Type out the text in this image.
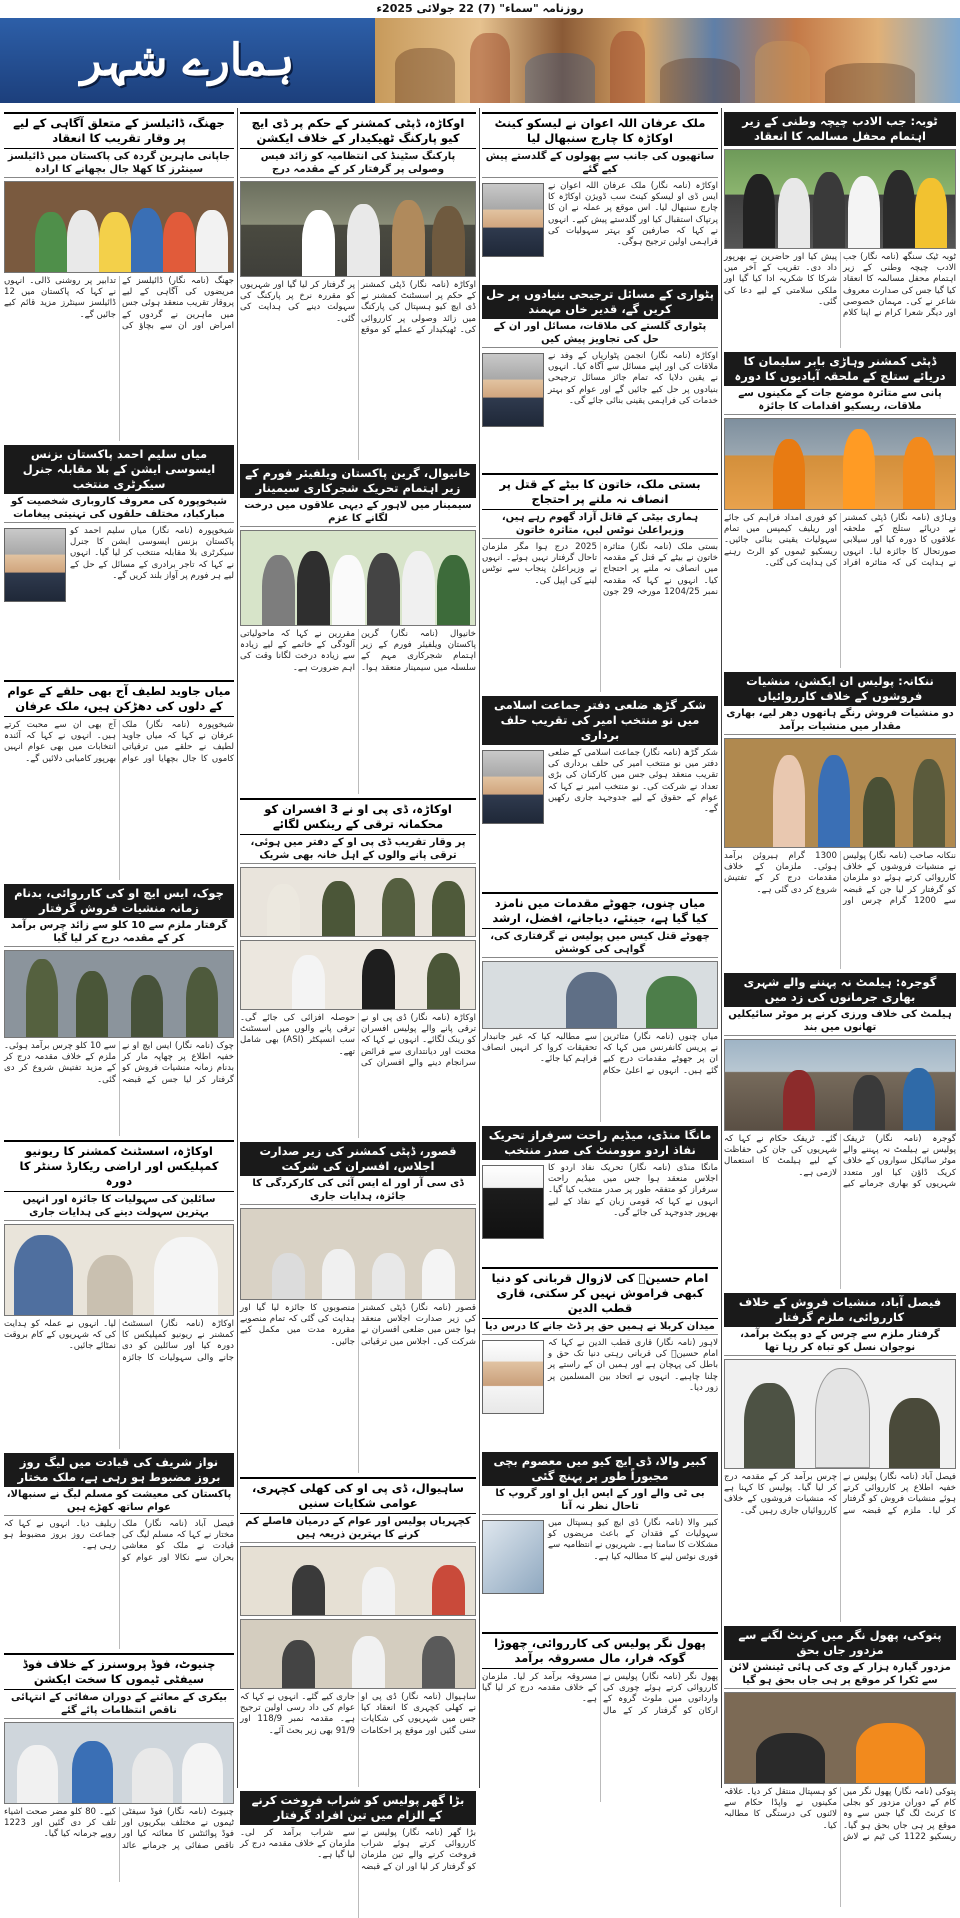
روزنامہ "سماء" (7) 22 جولائی 2025ء
ہمارے شہر
ٹوبہ: جب الادب چیچہ وطنی کے زیر اہتمام محفل مسالمہ کا انعقاد
ٹوبہ ٹیک سنگھ (نامہ نگار) جب الادب چیچہ وطنی کے زیر اہتمام محفل مسالمہ کا انعقاد کیا گیا جس کی صدارت معروف شاعر نے کی۔ مہمان خصوصی اور دیگر شعرا کرام نے اپنا کلام پیش کیا اور حاضرین نے بھرپور داد دی۔ تقریب کے آخر میں شرکا کا شکریہ ادا کیا گیا اور ملکی سلامتی کے لیے دعا کی گئی۔
ڈپٹی کمشنر وہاڑی بابر سلیمان کا دریائے ستلج کے ملحقہ آبادیوں کا دورہ
پانی سے متاثرہ موضع جات کے مکینوں سے ملاقات، ریسکیو اقدامات کا جائزہ
وہاڑی (نامہ نگار) ڈپٹی کمشنر نے دریائے ستلج کے ملحقہ علاقوں کا دورہ کیا اور سیلابی صورتحال کا جائزہ لیا۔ انہوں نے ہدایت کی کہ متاثرہ افراد کو فوری امداد فراہم کی جائے اور ریلیف کیمپس میں تمام سہولیات یقینی بنائی جائیں۔ ریسکیو ٹیموں کو الرٹ رہنے کی ہدایت کی گئی۔
ننکانہ: پولیس ان ایکشن، منشیات فروشوں کے خلاف کارروائیاں
دو منشیات فروش رنگے ہاتھوں دھر لیے، بھاری مقدار میں منشیات برآمد
ننکانہ صاحب (نامہ نگار) پولیس نے منشیات فروشوں کے خلاف کارروائی کرتے ہوئے دو ملزمان کو گرفتار کر لیا جن کے قبضہ سے 1200 گرام چرس اور 1300 گرام ہیروئن برآمد ہوئی۔ ملزمان کے خلاف مقدمات درج کر کے تفتیش شروع کر دی گئی ہے۔
گوجرہ: ہیلمٹ نہ پہننے والے شہری بھاری جرمانوں کی زد میں
ہیلمٹ کی خلاف ورزی کرنے پر موٹر سائیکلیں تھانوں میں بند
گوجرہ (نامہ نگار) ٹریفک پولیس نے ہیلمٹ نہ پہننے والے موٹر سائیکل سواروں کے خلاف کریک ڈاؤن کیا اور متعدد شہریوں کو بھاری جرمانے کیے گئے۔ ٹریفک حکام نے کہا کہ شہریوں کی جان کی حفاظت کے لیے ہیلمٹ کا استعمال لازمی ہے۔
فیصل آباد، منشیات فروش کے خلاف کارروائی، ملزم گرفتار
گرفتار ملزم سے چرس کے دو پیکٹ برآمد، نوجوان نسل کو تباہ کر رہا تھا
فیصل آباد (نامہ نگار) پولیس نے خفیہ اطلاع پر کارروائی کرتے ہوئے منشیات فروش کو گرفتار کر لیا۔ ملزم کے قبضہ سے چرس برآمد کر کے مقدمہ درج کر لیا گیا۔ پولیس کا کہنا ہے کہ منشیات فروشوں کے خلاف کارروائیاں جاری رہیں گی۔
پتوکی، پھول نگر میں کرنٹ لگنے سے مزدور جاں بحق
مزدور گیارہ ہزار کے وی کی ہائی ٹینشن لائن سے ٹکرا کر موقع پر ہی جاں بحق ہو گیا
پتوکی (نامہ نگار) پھول نگر میں کام کے دوران مزدور کو بجلی کا کرنٹ لگ گیا جس سے وہ موقع پر ہی جاں بحق ہو گیا۔ ریسکیو 1122 کی ٹیم نے لاش کو ہسپتال منتقل کر دیا۔ علاقہ مکینوں نے واپڈا حکام سے لائنوں کی درستگی کا مطالبہ کیا۔
ملک عرفان اللہ اعوان نے لیسکو کینٹ اوکاڑہ کا چارج سنبھال لیا
ساتھیوں کی جانب سے پھولوں کے گلدستے پیش کیے گئے
اوکاڑہ (نامہ نگار) ملک عرفان اللہ اعوان نے ایس ڈی او لیسکو کینٹ سب ڈویژن اوکاڑہ کا چارج سنبھال لیا۔ اس موقع پر عملہ نے ان کا پرتپاک استقبال کیا اور گلدستے پیش کیے۔ انہوں نے کہا کہ صارفین کو بہتر سہولیات کی فراہمی اولین ترجیح ہوگی۔
پٹواری کے مسائل ترجیحی بنیادوں پر حل کریں گے، قدیر خاں مہمند
پٹواری گلستے کی ملاقات، مسائل اور ان کے حل کی تجاویز پیش کیں
اوکاڑہ (نامہ نگار) انجمن پٹواریاں کے وفد نے ملاقات کی اور اپنے مسائل سے آگاہ کیا۔ انہوں نے یقین دلایا کہ تمام جائز مسائل ترجیحی بنیادوں پر حل کیے جائیں گے اور عوام کو بہتر خدمات کی فراہمی یقینی بنائی جائے گی۔
بستی ملک، خاتون کا بیٹے کے قتل پر انصاف نہ ملنے پر احتجاج
ہماری بیٹی کے قاتل آزاد گھوم رہے ہیں، وزیراعلیٰ نوٹس لیں، متاثرہ خاتون
بستی ملک (نامہ نگار) متاثرہ خاتون نے بیٹے کے قتل کے مقدمہ میں انصاف نہ ملنے پر احتجاج کیا۔ انہوں نے کہا کہ مقدمہ نمبر 1204/25 مورخہ 29 جون 2025 درج ہوا مگر ملزمان تاحال گرفتار نہیں ہوئے۔ انہوں نے وزیراعلیٰ پنجاب سے نوٹس لینے کی اپیل کی۔
شکر گڑھ ضلعی دفتر جماعت اسلامی میں نو منتخب امیر کی تقریب حلف برداری
شکر گڑھ (نامہ نگار) جماعت اسلامی کے ضلعی دفتر میں نو منتخب امیر کی حلف برداری کی تقریب منعقد ہوئی جس میں کارکنان کی بڑی تعداد نے شرکت کی۔ نو منتخب امیر نے کہا کہ عوام کے حقوق کے لیے جدوجہد جاری رکھیں گے۔
میاں چنوں، جھوٹے مقدمات میں نامزد کیا گیا ہے، جینئے، دیاجانے، افضل، ارشد
چھوٹے قتل کیس میں پولیس نے گرفتاری کی، گواہی کی کوشش
میاں چنوں (نامہ نگار) متاثرین نے پریس کانفرنس میں کہا کہ ان پر جھوٹے مقدمات درج کیے گئے ہیں۔ انہوں نے اعلیٰ حکام سے مطالبہ کیا کہ غیر جانبدار تحقیقات کروا کر انہیں انصاف فراہم کیا جائے۔
مانگا منڈی، میڈیم راحت سرفراز تحریک نفاذ اردو موومنٹ کی صدر منتخب
مانگا منڈی (نامہ نگار) تحریک نفاذ اردو کا اجلاس منعقد ہوا جس میں میڈیم راحت سرفراز کو متفقہ طور پر صدر منتخب کیا گیا۔ انہوں نے کہا کہ قومی زبان کے نفاذ کے لیے بھرپور جدوجہد کی جائے گی۔
امام حسینؓ کی لازوال قربانی کو دنیا کبھی فراموش نہیں کر سکتی، قاری قطب الدین
میدان کربلا نے ہمیں حق پر ڈٹ جانے کا درس دیا
لاہور (نامہ نگار) قاری قطب الدین نے کہا کہ امام حسینؓ کی قربانی رہتی دنیا تک حق و باطل کی پہچان ہے اور ہمیں ان کے راستے پر چلنا چاہیے۔ انہوں نے اتحاد بین المسلمین پر زور دیا۔
کبیر والا، ڈی ایچ کیو میں معصوم بچی مجبوراً طور پر پہنچ گئی
بی ٹی والے اور کے ایس ایل او اور گروپ کا تاحال نظر نہ آنا
کبیر والا (نامہ نگار) ڈی ایچ کیو ہسپتال میں سہولیات کے فقدان کے باعث مریضوں کو مشکلات کا سامنا ہے۔ شہریوں نے انتظامیہ سے فوری نوٹس لینے کا مطالبہ کیا ہے۔
پھول نگر پولیس کی کارروائی، چھوڑا گوکہ فرار، مال مسروقہ برآمد
پھول نگر (نامہ نگار) پولیس نے کارروائی کرتے ہوئے چوری کی وارداتوں میں ملوث گروہ کے ارکان کو گرفتار کر کے مال مسروقہ برآمد کر لیا۔ ملزمان کے خلاف مقدمہ درج کر لیا گیا ہے۔
اوکاڑہ، ڈپٹی کمشنر کے حکم پر ڈی ایچ کیو پارکنگ ٹھیکیدار کے خلاف ایکشن
پارکنگ سٹینڈ کی انتظامیہ کو زائد فیس وصولی پر گرفتار کر کے مقدمہ درج
اوکاڑہ (نامہ نگار) ڈپٹی کمشنر کے حکم پر اسسٹنٹ کمشنر نے ڈی ایچ کیو ہسپتال کی پارکنگ میں زائد وصولی پر کارروائی کی۔ ٹھیکیدار کے عملے کو موقع پر گرفتار کر لیا گیا اور شہریوں کو مقررہ نرخ پر پارکنگ کی سہولت دینے کی ہدایت کی گئی۔
خانیوال، گرین پاکستان ویلفیئر فورم کے زیر اہتمام تحریک شجرکاری سیمینار
سیمینار میں لاہور کے دیہی علاقوں میں درخت لگانے کا عزم
خانیوال (نامہ نگار) گرین پاکستان ویلفیئر فورم کے زیر اہتمام شجرکاری مہم کے سلسلہ میں سیمینار منعقد ہوا۔ مقررین نے کہا کہ ماحولیاتی آلودگی کے خاتمے کے لیے زیادہ سے زیادہ درخت لگانا وقت کی اہم ضرورت ہے۔
اوکاڑہ، ڈی پی او نے 3 افسران کو محکمانہ ترقی کے رینکس لگائے
پر وقار تقریب ڈی پی او کے دفتر میں ہوئی، ترقی پانے والوں کے اہل خانہ بھی شریک
اوکاڑہ (نامہ نگار) ڈی پی او نے ترقی پانے والے پولیس افسران کو رینک لگائے۔ انہوں نے کہا کہ محنت اور دیانتداری سے فرائض سرانجام دینے والے افسران کی حوصلہ افزائی کی جائے گی۔ ترقی پانے والوں میں اسسٹنٹ سب انسپکٹر (ASI) بھی شامل تھے۔
قصور، ڈپٹی کمشنر کی زیر صدارت اجلاس، افسران کی شرکت
ڈی سی آر اور اے ایس آئی کی کارکردگی کا جائزہ، ہدایات جاری
قصور (نامہ نگار) ڈپٹی کمشنر کی زیر صدارت اجلاس منعقد ہوا جس میں ضلعی افسران نے شرکت کی۔ اجلاس میں ترقیاتی منصوبوں کا جائزہ لیا گیا اور ہدایت کی گئی کہ تمام منصوبے مقررہ مدت میں مکمل کیے جائیں۔
ساہیوال، ڈی پی او کی کھلی کچہری، عوامی شکایات سنیں
کچہریاں پولیس اور عوام کے درمیان فاصلے کم کرنے کا بہترین ذریعہ ہیں
ساہیوال (نامہ نگار) ڈی پی او نے کھلی کچہری کا انعقاد کیا جس میں شہریوں کی شکایات سنی گئیں اور موقع پر احکامات جاری کیے گئے۔ انہوں نے کہا کہ عوام کی داد رسی اولین ترجیح ہے۔ مقدمہ نمبر 118/9 اور 91/9 بھی زیر بحث آئے۔
بڑا گھر پولیس کو شراب فروخت کرنے کے الزام میں تین افراد گرفتار
بڑا گھر (نامہ نگار) پولیس نے کارروائی کرتے ہوئے شراب فروخت کرنے والے تین ملزمان کو گرفتار کر لیا اور ان کے قبضہ سے شراب برآمد کر لی۔ ملزمان کے خلاف مقدمہ درج کر لیا گیا ہے۔
جھنگ، ڈائیلسز کے متعلق آگاہی کے لیے پر وقار تقریب کا انعقاد
جاپانی ماہرین گردہ کی پاکستان میں ڈائیلسز سینٹرز کا کھلا جال بچھانے کا ارادہ
جھنگ (نامہ نگار) ڈائیلسز کے مریضوں کی آگاہی کے لیے پروقار تقریب منعقد ہوئی جس میں ماہرین نے گردوں کے امراض اور ان سے بچاؤ کی تدابیر پر روشنی ڈالی۔ انہوں نے کہا کہ پاکستان میں 12 ڈائیلسز سینٹرز مزید قائم کیے جائیں گے۔
میاں سلیم احمد پاکستان بزنس ایسوسی ایشن کے بلا مقابلہ جنرل سیکرٹری منتخب
شیخوپورہ کی معروف کاروباری شخصیت کو مبارکباد، مختلف حلقوں کی تہنیتی پیغامات
شیخوپورہ (نامہ نگار) میاں سلیم احمد کو پاکستان بزنس ایسوسی ایشن کا جنرل سیکرٹری بلا مقابلہ منتخب کر لیا گیا۔ انہوں نے کہا کہ تاجر برادری کے مسائل کے حل کے لیے ہر فورم پر آواز بلند کریں گے۔
میاں جاوید لطیف آج بھی حلقے کے عوام کے دلوں کی دھڑکن ہیں، ملک عرفان
شیخوپورہ (نامہ نگار) ملک عرفان نے کہا کہ میاں جاوید لطیف نے حلقے میں ترقیاتی کاموں کا جال بچھایا اور عوام آج بھی ان سے محبت کرتے ہیں۔ انہوں نے کہا کہ آئندہ انتخابات میں بھی عوام انہیں بھرپور کامیابی دلائیں گے۔
چوک، ایس ایچ او کی کارروائی، بدنام زمانہ منشیات فروش گرفتار
گرفتار ملزم سے 10 کلو سے زائد چرس برآمد کر کے مقدمہ درج کر لیا گیا
چوک (نامہ نگار) ایس ایچ او نے خفیہ اطلاع پر چھاپہ مار کر بدنام زمانہ منشیات فروش کو گرفتار کر لیا جس کے قبضہ سے 10 کلو چرس برآمد ہوئی۔ ملزم کے خلاف مقدمہ درج کر کے مزید تفتیش شروع کر دی گئی۔
اوکاڑہ، اسسٹنٹ کمشنر کا ریونیو کمپلیکس اور اراضی ریکارڈ سنٹر کا دورہ
سائلین کی سہولیات کا جائزہ اور انہیں بہترین سہولت دینے کی ہدایات جاری
اوکاڑہ (نامہ نگار) اسسٹنٹ کمشنر نے ریونیو کمپلیکس کا دورہ کیا اور سائلین کو دی جانے والی سہولیات کا جائزہ لیا۔ انہوں نے عملہ کو ہدایت کی کہ شہریوں کے کام بروقت نمٹائے جائیں۔
نواز شریف کی قیادت میں لیگ روز بروز مضبوط ہو رہی ہے، ملک مختار
پاکستان کی معیشت کو مسلم لیگ نے سنبھالا، عوام ساتھ کھڑے ہیں
فیصل آباد (نامہ نگار) ملک مختار نے کہا کہ مسلم لیگ کی قیادت نے ملک کو معاشی بحران سے نکالا اور عوام کو ریلیف دیا۔ انہوں نے کہا کہ جماعت روز بروز مضبوط ہو رہی ہے۔
چنیوٹ، فوڈ پروسنرز کے خلاف فوڈ سیفٹی ٹیموں کا سخت ایکشن
بیکری کے معائنے کے دوران صفائی کے انتہائی ناقص انتظامات پائے گئے
چنیوٹ (نامہ نگار) فوڈ سیفٹی ٹیموں نے مختلف بیکریوں اور فوڈ پوائنٹس کا معائنہ کیا اور ناقص صفائی پر جرمانے عائد کیے۔ 80 کلو مضر صحت اشیاء تلف کر دی گئیں اور 1223 روپے جرمانہ کیا گیا۔
